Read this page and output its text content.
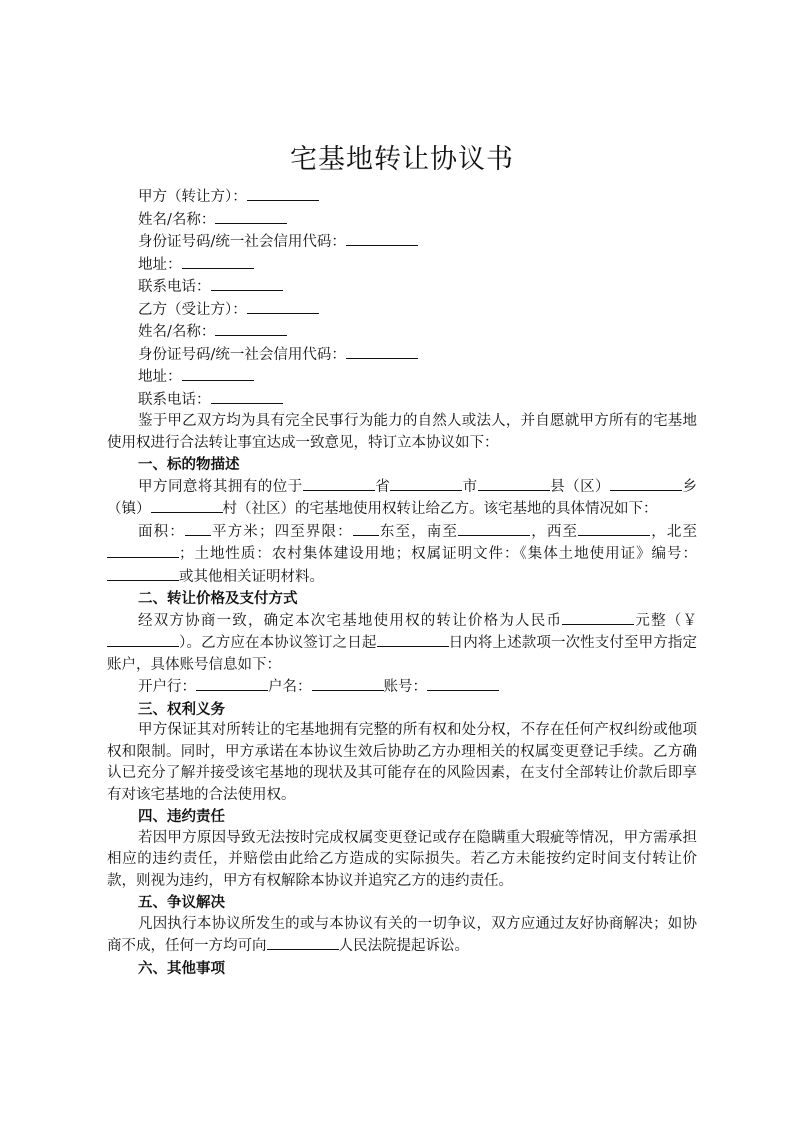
宅基地转让协议书
甲方（转让方）：
姓名/名称：
身份证号码/统一社会信用代码：
地址：
联系电话：
乙方（受让方）：
姓名/名称：
身份证号码/统一社会信用代码：
地址：
联系电话：
鉴于甲乙双方均为具有完全民事行为能力的自然人或法人，并自愿就甲方所有的宅基地使用权进行合法转让事宜达成一致意见，特订立本协议如下：
一、标的物描述
甲方同意将其拥有的位于	省	市	县（区）	乡（镇）	村（社区）的宅基地使用权转让给乙方。该宅基地的具体情况如下：
面积： 平方米；四至界限： 东至，南至	，西至	，北至；土地性质：农村集体建设用地；权属证明文件：《集体土地使用证》编号：或其他相关证明材料。
二、转让价格及支付方式
经双方协商一致，确定本次宅基地使用权的转让价格为人民币	元整（￥）。乙方应在本协议签订之日起	日内将上述款项一次性支付至甲方指定账户，具体账号信息如下：
开户行：	户名：	账号：
三、权利义务
甲方保证其对所转让的宅基地拥有完整的所有权和处分权，不存在任何产权纠纷或他项权和限制。同时，甲方承诺在本协议生效后协助乙方办理相关的权属变更登记手续。乙方确认已充分了解并接受该宅基地的现状及其可能存在的风险因素，在支付全部转让价款后即享有对该宅基地的合法使用权。
四、违约责任
若因甲方原因导致无法按时完成权属变更登记或存在隐瞒重大瑕疵等情况，甲方需承担相应的违约责任，并赔偿由此给乙方造成的实际损失。若乙方未能按约定时间支付转让价款，则视为违约，甲方有权解除本协议并追究乙方的违约责任。
五、争议解决
凡因执行本协议所发生的或与本协议有关的一切争议，双方应通过友好协商解决；如协商不成，任何一方均可向	人民法院提起诉讼。
六、其他事项
